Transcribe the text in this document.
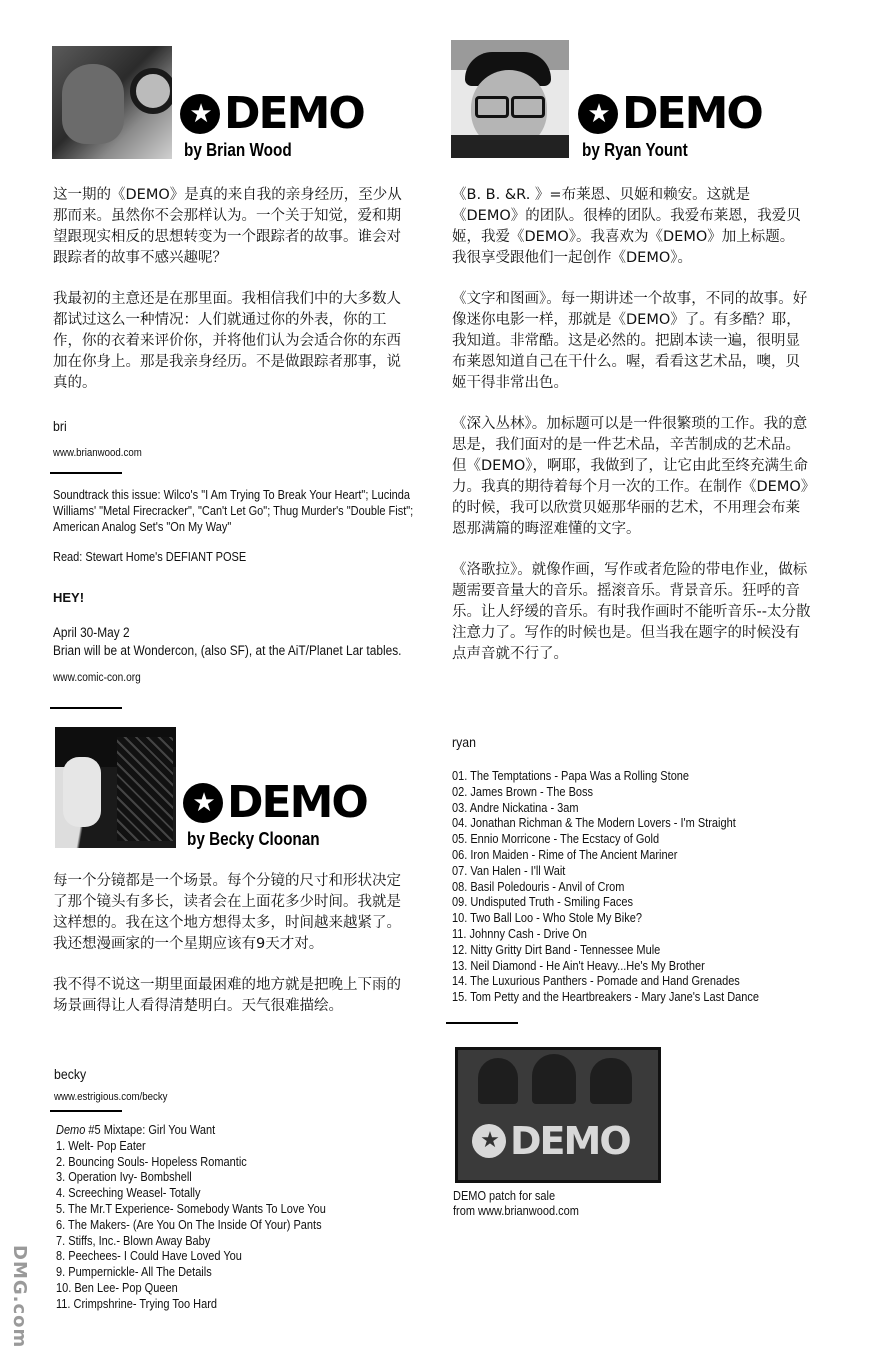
★ DEMO
by Brian Wood

这一期的《DEMO》是真的来自我的亲身经历，至少从那而来。虽然你不会那样认为。一个关于知觉，爱和期望跟现实相反的思想转变为一个跟踪者的故事。谁会对跟踪者的故事不感兴趣呢？

我最初的主意还是在那里面。我相信我们中的大多数人都试过这么一种情况：人们就通过你的外表，你的工作，你的衣着来评价你，并将他们认为会适合你的东西加在你身上。那是我亲身经历。不是做跟踪者那事，说真的。

bri
www.brianwood.com
Soundtrack this issue: Wilco's "I Am Trying To Break Your Heart"; Lucinda Williams' "Metal Firecracker", "Can't Let Go"; Thug Murder's "Double Fist"; American Analog Set's "On My Way"
Read: Stewart Home's DEFIANT POSE
HEY!
April 30-May 2
Brian will be at Wondercon, (also SF), at the AiT/Planet Lar tables.
www.comic-con.org
★ DEMO
by Ryan Yount

《B. B. &R. 》=布莱恩、贝姬和赖安。这就是《DEMO》的团队。很棒的团队。我爱布莱恩，我爱贝姬，我爱《DEMO》。我喜欢为《DEMO》加上标题。 我很享受跟他们一起创作《DEMO》。

《文字和图画》。每一期讲述一个故事，不同的故事。好像迷你电影一样，那就是《DEMO》了。有多酷？耶，我知道。非常酷。这是必然的。把剧本读一遍，很明显布莱恩知道自己在干什么。喔，看看这艺术品，噢，贝姬干得非常出色。

《深入丛林》。加标题可以是一件很繁琐的工作。我的意思是，我们面对的是一件艺术品，辛苦制成的艺术品。但《DEMO》，啊耶，我做到了，让它由此至终充满生命力。我真的期待着每个月一次的工作。在制作《DEMO》的时候，我可以欣赏贝姬那华丽的艺术，不用理会布莱恩那满篇的晦涩难懂的文字。

《洛歌拉》。就像作画，写作或者危险的带电作业，做标题需要音量大的音乐。摇滚音乐。背景音乐。狂呼的音乐。让人纾缓的音乐。有时我作画时不能听音乐--太分散注意力了。写作的时候也是。但当我在题字的时候没有点声音就不行了。

ryan
01. The Temptations - Papa Was a Rolling Stone
02. James Brown - The Boss
03. Andre Nickatina - 3am
04. Jonathan Richman & The Modern Lovers - I'm Straight
05. Ennio Morricone - The Ecstacy of Gold
06. Iron Maiden - Rime of The Ancient Mariner
07. Van Halen - I'll Wait
08. Basil Poledouris - Anvil of Crom
09. Undisputed Truth - Smiling Faces
10. Two Ball Loo - Who Stole My Bike?
11. Johnny Cash - Drive On
12. Nitty Gritty Dirt Band - Tennessee Mule
13. Neil Diamond - He Ain't Heavy...He's My Brother
14. The Luxurious Panthers - Pomade and Hand Grenades
15. Tom Petty and the Heartbreakers - Mary Jane's Last Dance
★ DEMO
DEMO patch for sale
from www.brianwood.com
★ DEMO
by Becky Cloonan

每一个分镜都是一个场景。每个分镜的尺寸和形状决定了那个镜头有多长，读者会在上面花多少时间。我就是这样想的。我在这个地方想得太多，时间越来越紧了。我还想漫画家的一个星期应该有9天才对。

我不得不说这一期里面最困难的地方就是把晚上下雨的场景画得让人看得清楚明白。天气很难描绘。

becky
www.estrigious.com/becky
Demo #5 Mixtape: Girl You Want
1. Welt- Pop Eater
2. Bouncing Souls- Hopeless Romantic
3. Operation Ivy- Bombshell
4. Screeching Weasel- Totally
5. The Mr.T Experience- Somebody Wants To Love You
6. The Makers- (Are You On The Inside Of Your) Pants
7. Stiffs, Inc.- Blown Away Baby
8. Peechees- I Could Have Loved You
9. Pumpernickle- All The Details
10. Ben Lee- Pop Queen
11. Crimpshrine- Trying Too Hard
DMG.com
